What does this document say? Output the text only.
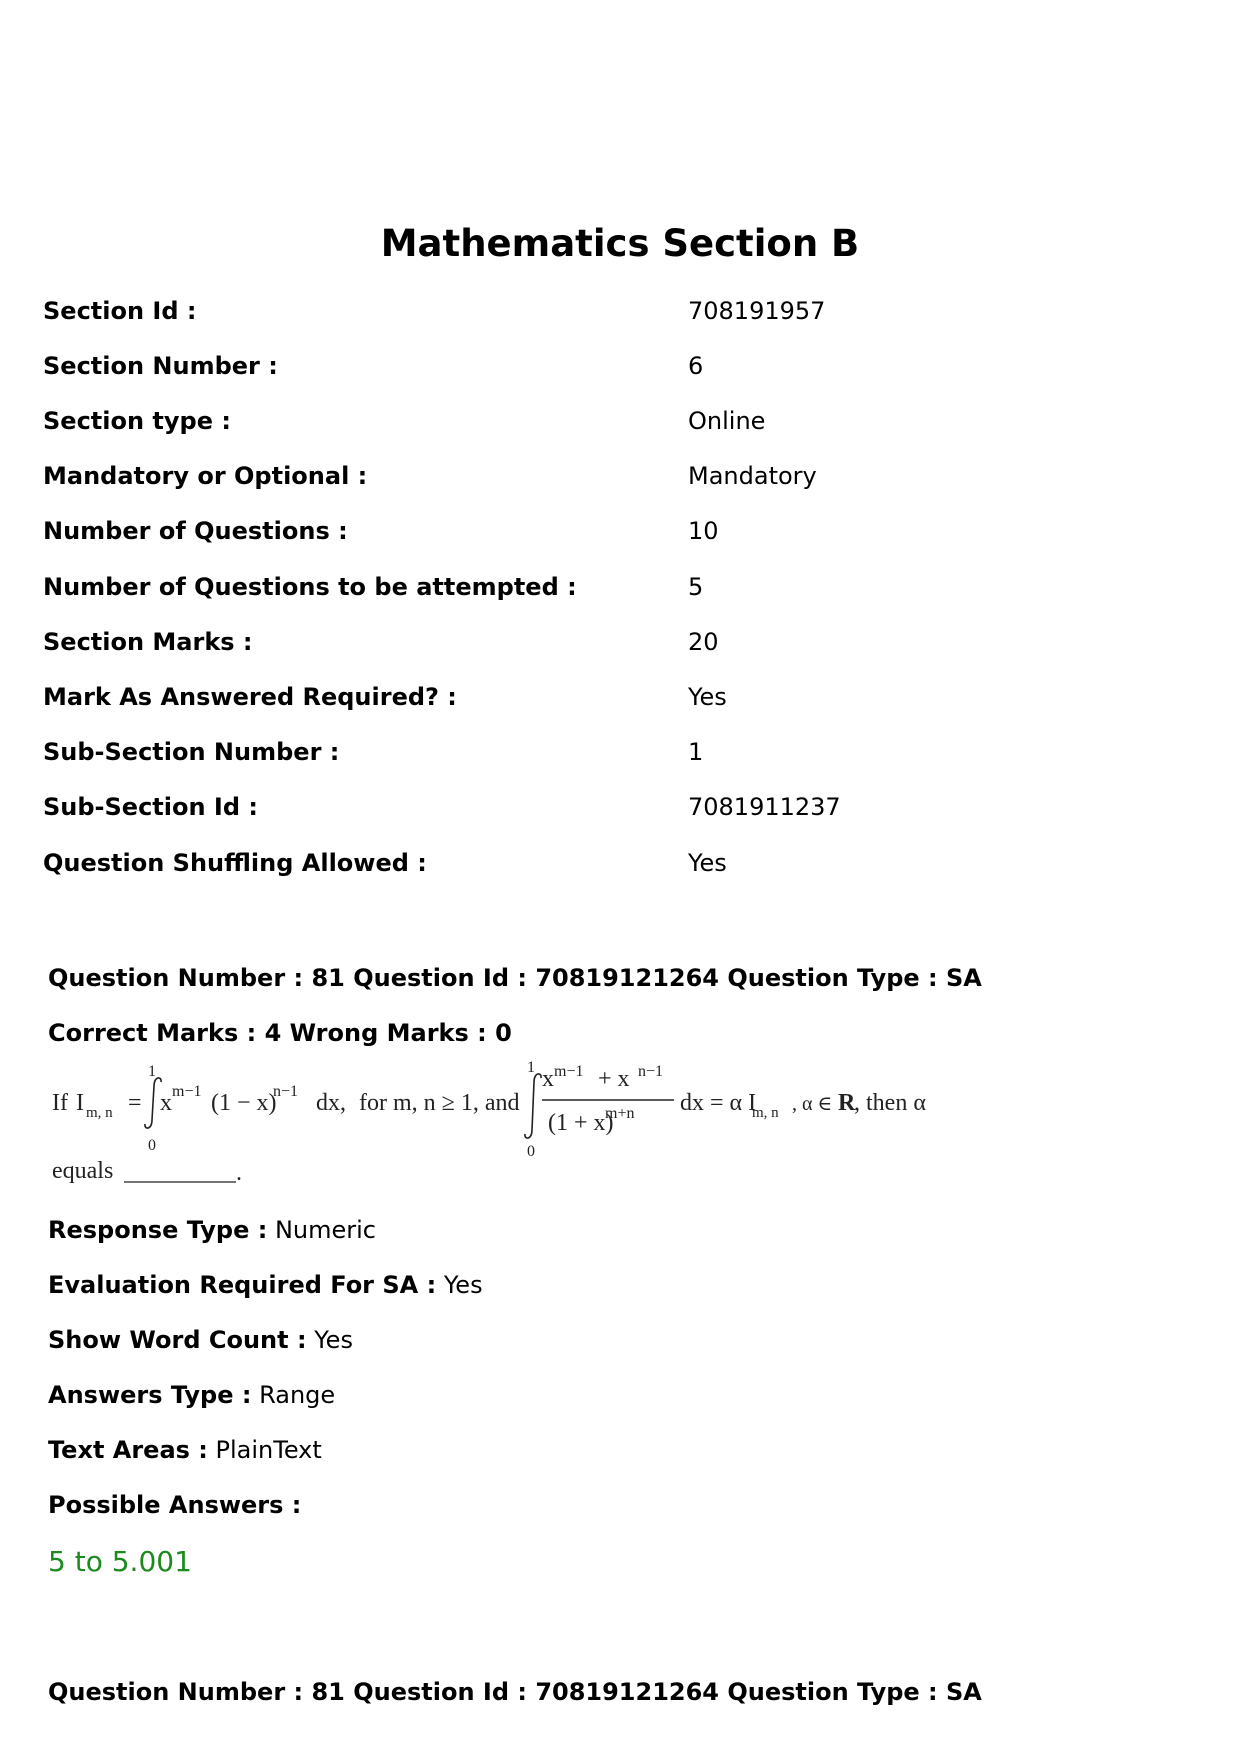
Mathematics Section B
Section Id :	708191957
Section Number :	6
Section type :	Online
Mandatory or Optional :	Mandatory
Number of Questions :	10
Number of Questions to be attempted :	5
Section Marks :	20
Mark As Answered Required? :	Yes
Sub-Section Number :	1
Sub-Section Id :	7081911237
Question Shuffling Allowed :	Yes
Question Number : 81 Question Id : 70819121264 Question Type : SA
Correct Marks : 4 Wrong Marks : 0
If I m, n =
1
0
x m−1 (1 − x)
n−1 dx, for m, n ≥ 1, and
1
0
x m−1 + x n−1
(1 + x)
m+n dx = α I
m, n , α ∈ R
, then α
equals	.
Response Type : Numeric
Evaluation Required For SA : Yes
Show Word Count : Yes
Answers Type : Range
Text Areas : PlainText
Possible Answers :
5 to 5.001
Question Number : 81 Question Id : 70819121264 Question Type : SA
